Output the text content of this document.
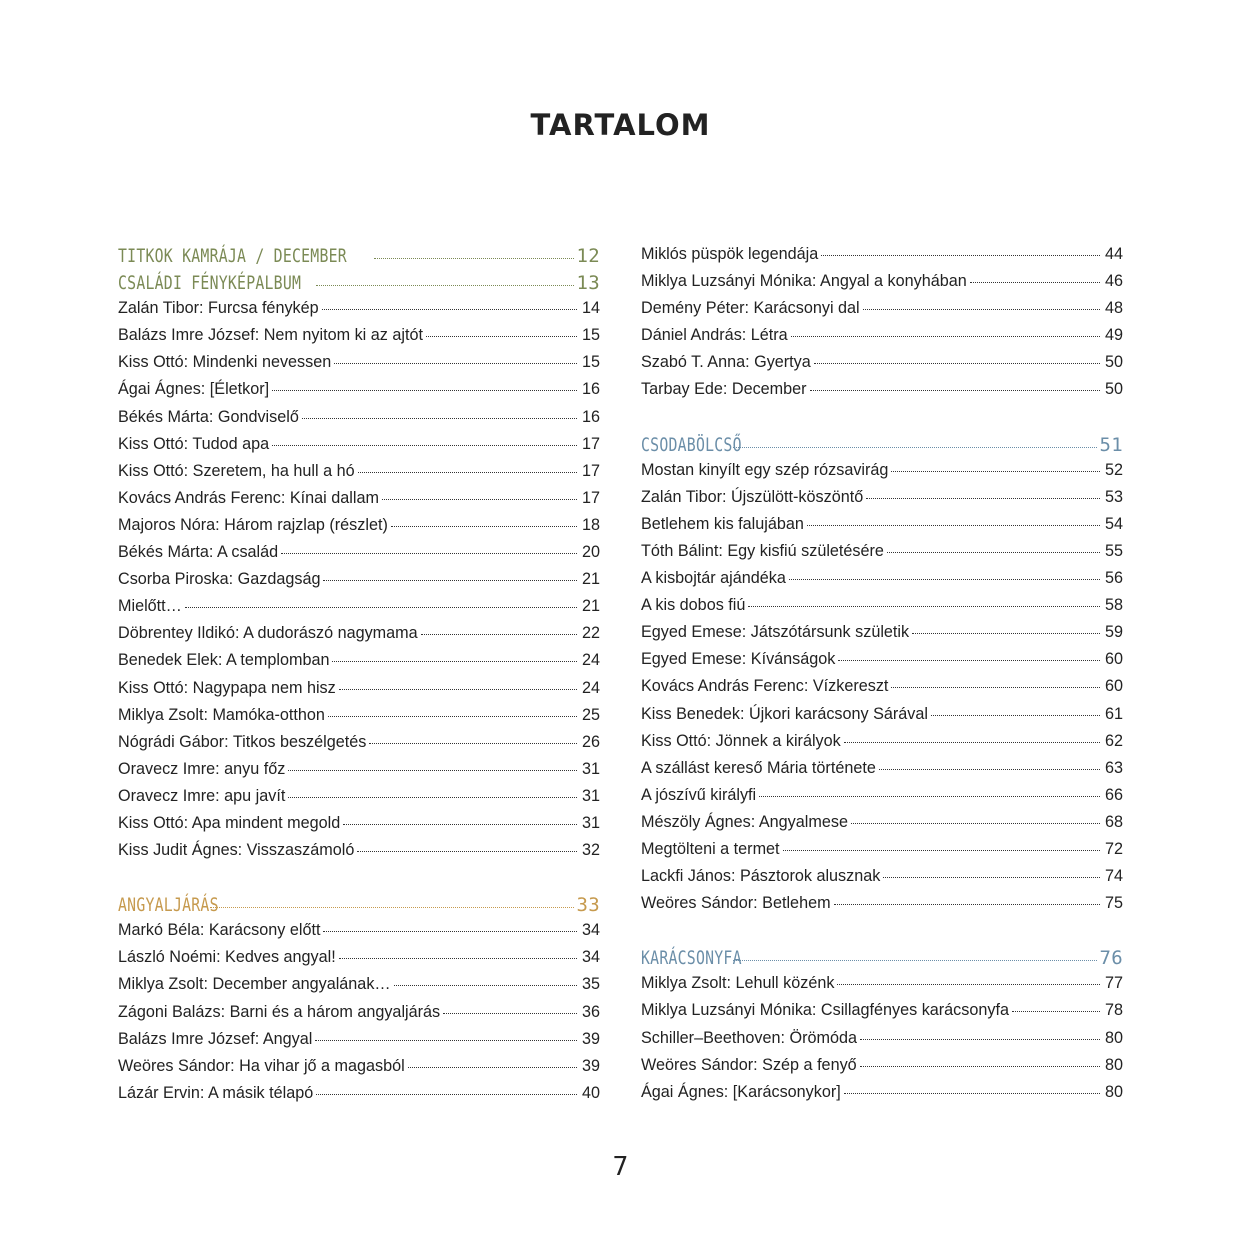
TARTALOM
TITKOK KAMRÁJA / DECEMBER	12
CSALÁDI FÉNYKÉPALBUM	13
Zalán Tibor: Furcsa fénykép	14
Balázs Imre József: Nem nyitom ki az ajtót	15
Kiss Ottó: Mindenki nevessen	15
Ágai Ágnes: [Életkor]	16
Békés Márta: Gondviselő	16
Kiss Ottó: Tudod apa	17
Kiss Ottó: Szeretem, ha hull a hó	17
Kovács András Ferenc: Kínai dallam	17
Majoros Nóra: Három rajzlap (részlet)	18
Békés Márta: A család	20
Csorba Piroska: Gazdagság	21
Mielőtt…	21
Döbrentey Ildikó: A dudorászó nagymama	22
Benedek Elek: A templomban	24
Kiss Ottó: Nagypapa nem hisz	24
Miklya Zsolt: Mamóka-otthon	25
Nógrádi Gábor: Titkos beszélgetés	26
Oravecz Imre: anyu főz	31
Oravecz Imre: apu javít	31
Kiss Ottó: Apa mindent megold	31
Kiss Judit Ágnes: Visszaszámoló	32
ANGYALJÁRÁS	33
Markó Béla: Karácsony előtt	34
László Noémi: Kedves angyal!	34
Miklya Zsolt: December angyalának…	35
Zágoni Balázs: Barni és a három angyaljárás	36
Balázs Imre József: Angyal	39
Weöres Sándor: Ha vihar jő a magasból	39
Lázár Ervin: A másik télapó	40
Miklós püspök legendája	44
Miklya Luzsányi Mónika: Angyal a konyhában	46
Demény Péter: Karácsonyi dal	48
Dániel András: Létra	49
Szabó T. Anna: Gyertya	50
Tarbay Ede: December	50
CSODABÖLCSŐ	51
Mostan kinyílt egy szép rózsavirág	52
Zalán Tibor: Újszülött-köszöntő	53
Betlehem kis falujában	54
Tóth Bálint: Egy kisfiú születésére	55
A kisbojtár ajándéka	56
A kis dobos fiú	58
Egyed Emese: Játszótársunk születik	59
Egyed Emese: Kívánságok	60
Kovács András Ferenc: Vízkereszt	60
Kiss Benedek: Újkori karácsony Sárával	61
Kiss Ottó: Jönnek a királyok	62
A szállást kereső Mária története	63
A jószívű királyfi	66
Mészöly Ágnes: Angyalmese	68
Megtölteni a termet	72
Lackfi János: Pásztorok alusznak	74
Weöres Sándor: Betlehem	75
KARÁCSONYFA	76
Miklya Zsolt: Lehull közénk	77
Miklya Luzsányi Mónika: Csillagfényes karácsonyfa	78
Schiller–Beethoven: Örömóda	80
Weöres Sándor: Szép a fenyő	80
Ágai Ágnes: [Karácsonykor]	80
7
